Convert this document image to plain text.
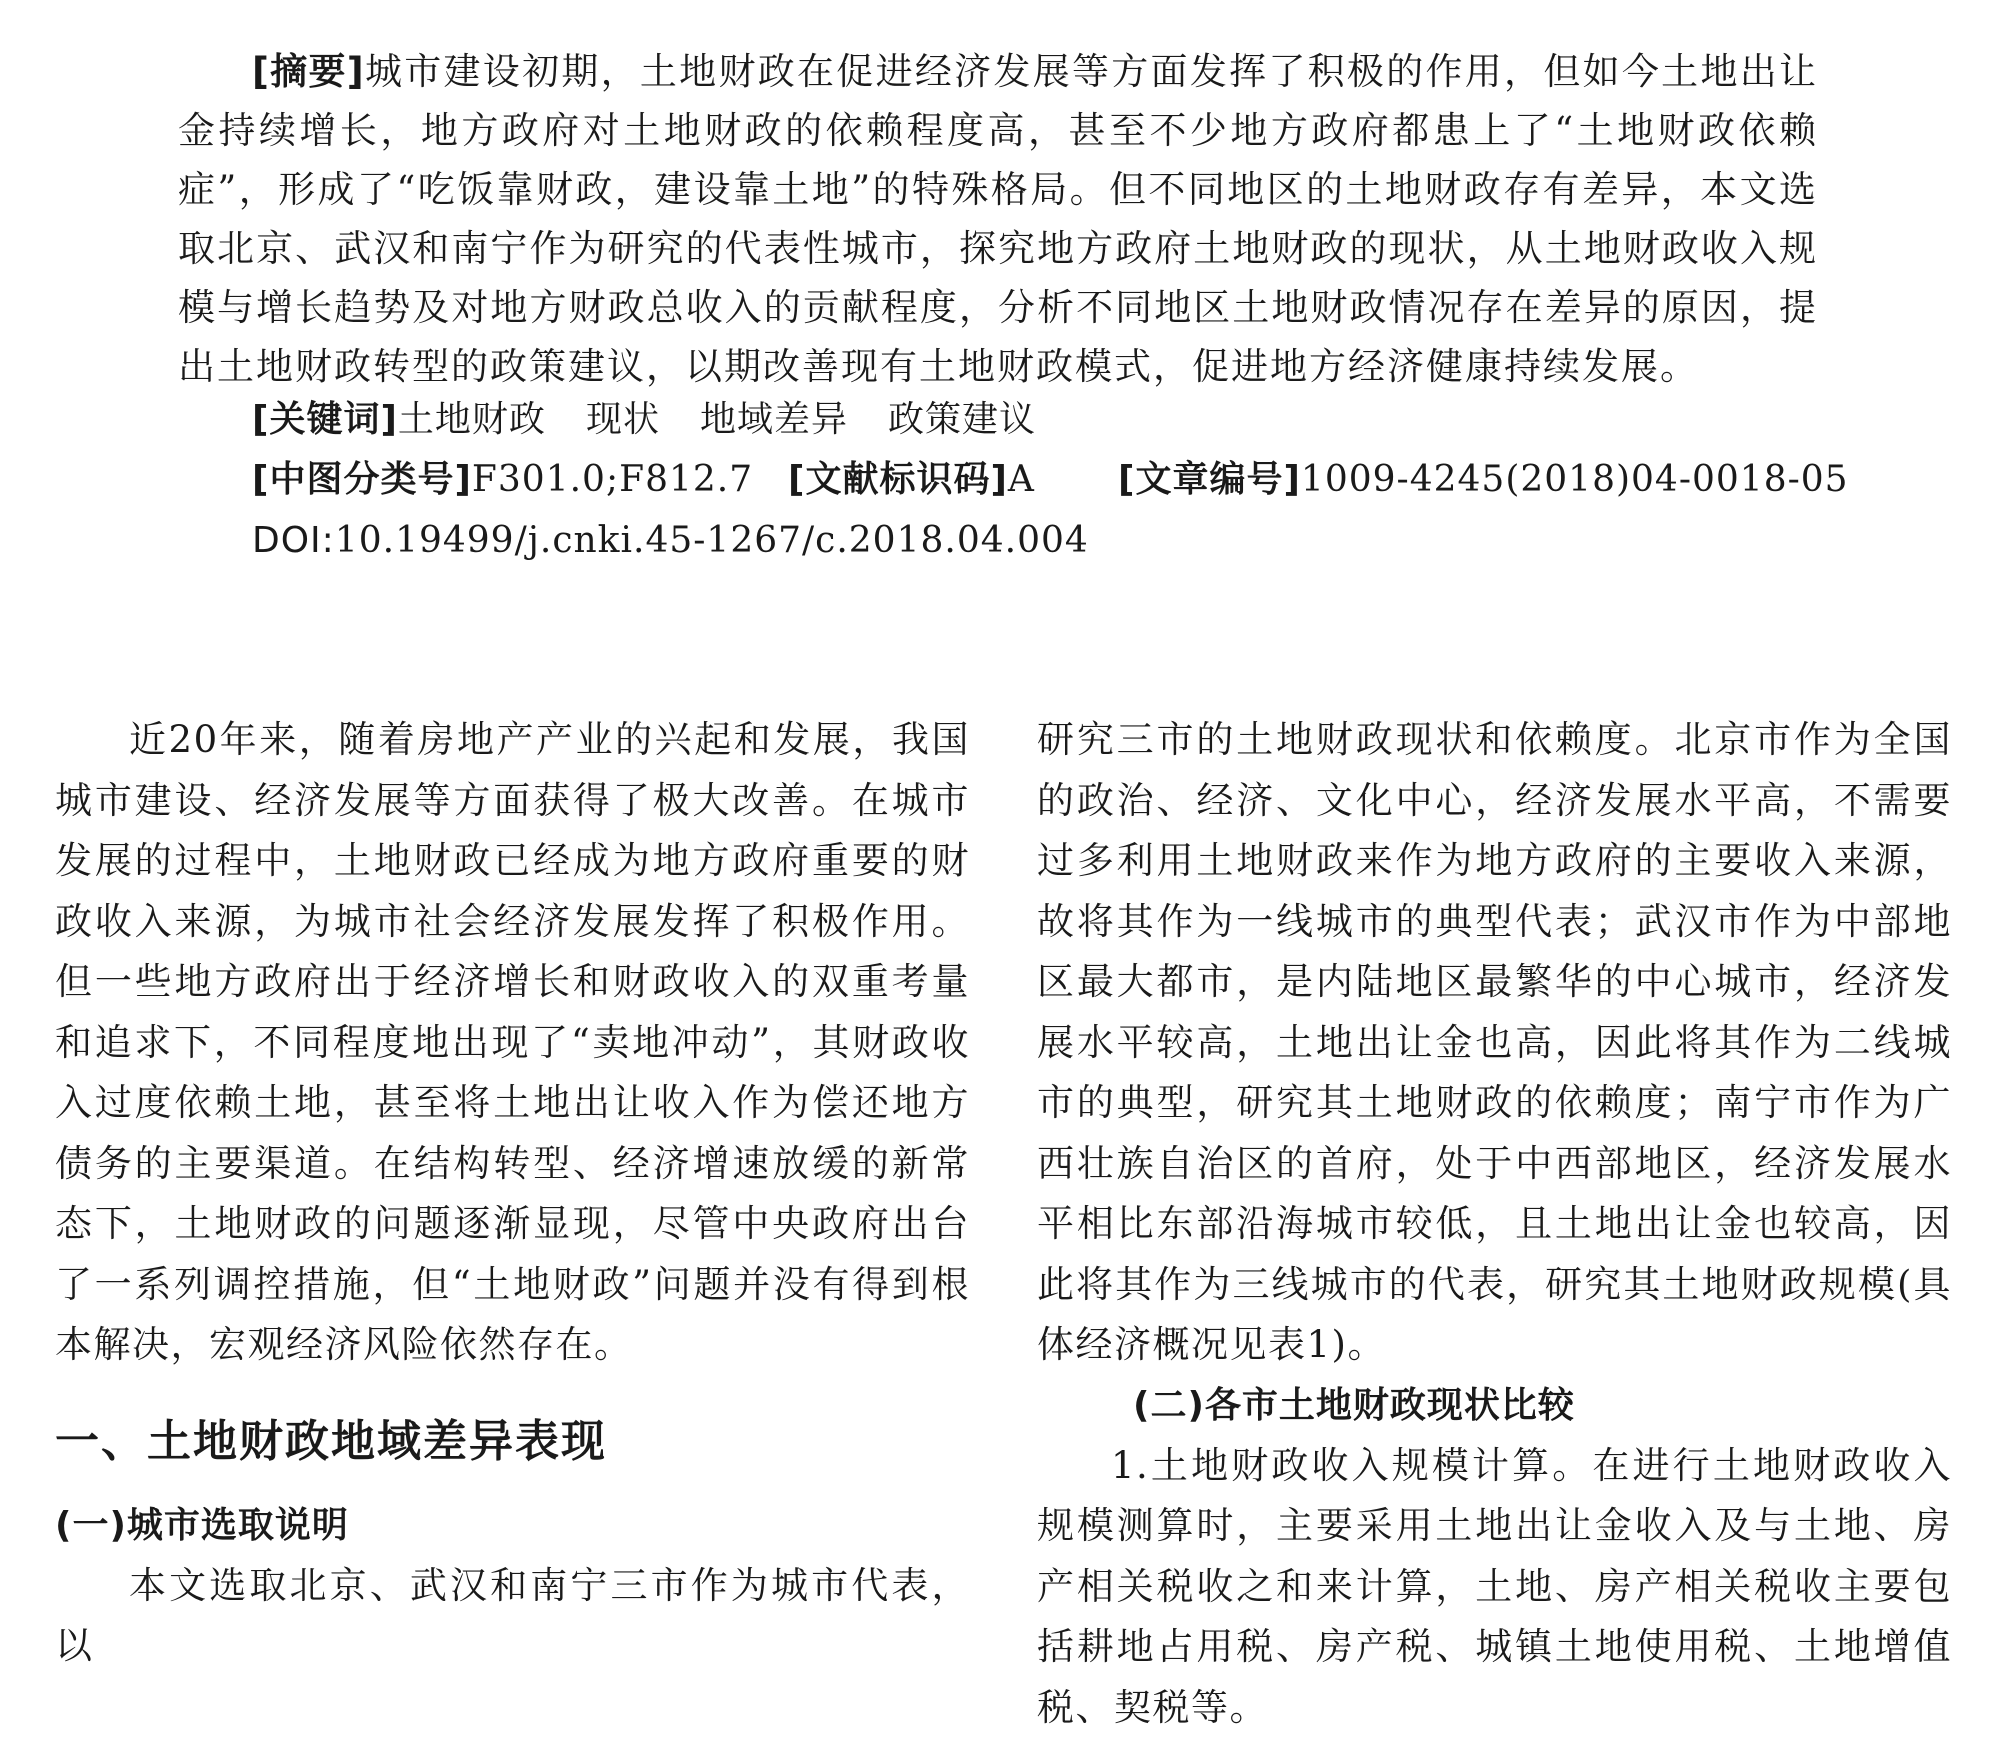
[摘要]城市建设初期，土地财政在促进经济发展等方面发挥了积极的作用，但如今土地出让金持续增长，地方政府对土地财政的依赖程度高，甚至不少地方政府都患上了“土地财政依赖症”，形成了“吃饭靠财政，建设靠土地”的特殊格局。但不同地区的土地财政存有差异，本文选取北京、武汉和南宁作为研究的代表性城市，探究地方政府土地财政的现状，从土地财政收入规模与增长趋势及对地方财政总收入的贡献程度，分析不同地区土地财政情况存在差异的原因，提出土地财政转型的政策建议，以期改善现有土地财政模式，促进地方经济健康持续发展。

[关键词]土地财政 现状 地域差异 政策建议
[中图分类号]F301.0;F812.7 [文献标识码]A [文章编号]1009-4245(2018)04-0018-05
DOI:10.19499/j.cnki.45-1267/c.2018.04.004

近20年来，随着房地产产业的兴起和发展，我国城市建设、经济发展等方面获得了极大改善。在城市发展的过程中，土地财政已经成为地方政府重要的财政收入来源，为城市社会经济发展发挥了积极作用。但一些地方政府出于经济增长和财政收入的双重考量和追求下，不同程度地出现了“卖地冲动”，其财政收入过度依赖土地，甚至将土地出让收入作为偿还地方债务的主要渠道。在结构转型、经济增速放缓的新常态下，土地财政的问题逐渐显现，尽管中央政府出台了一系列调控措施，但“土地财政”问题并没有得到根本解决，宏观经济风险依然存在。

一、土地财政地域差异表现
(一)城市选取说明

本文选取北京、武汉和南宁三市作为城市代表，以

研究三市的土地财政现状和依赖度。北京市作为全国的政治、经济、文化中心，经济发展水平高，不需要过多利用土地财政来作为地方政府的主要收入来源，故将其作为一线城市的典型代表；武汉市作为中部地区最大都市，是内陆地区最繁华的中心城市，经济发展水平较高，土地出让金也高，因此将其作为二线城市的典型，研究其土地财政的依赖度；南宁市作为广西壮族自治区的首府，处于中西部地区，经济发展水平相比东部沿海城市较低，且土地出让金也较高，因此将其作为三线城市的代表，研究其土地财政规模(具体经济概况见表1)。

(二)各市土地财政现状比较

1.土地财政收入规模计算。在进行土地财政收入规模测算时，主要采用土地出让金收入及与土地、房产相关税收之和来计算，土地、房产相关税收主要包括耕地占用税、房产税、城镇土地使用税、土地增值税、契税等。
